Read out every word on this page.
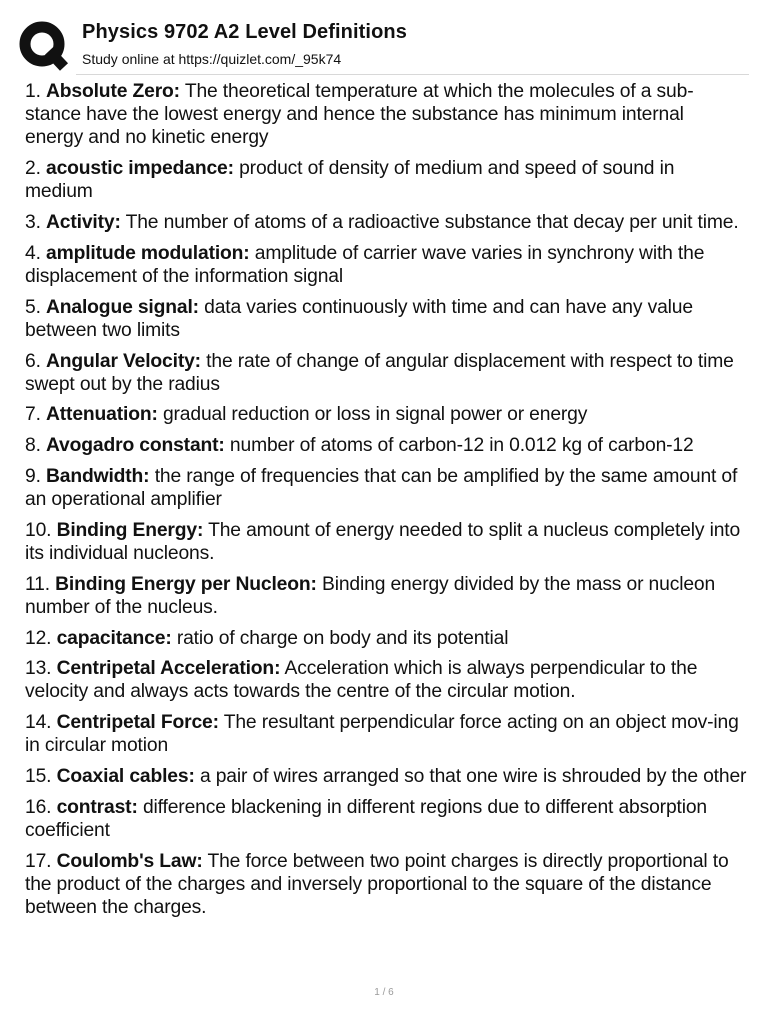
Physics 9702 A2 Level Definitions
Study online at https://quizlet.com/_95k74
1. Absolute Zero: The theoretical temperature at which the molecules of a sub-stance have the lowest energy and hence the substance has minimum internal energy and no kinetic energy
2. acoustic impedance: product of density of medium and speed of sound in medium
3. Activity: The number of atoms of a radioactive substance that decay per unit time.
4. amplitude modulation: amplitude of carrier wave varies in synchrony with the displacement of the information signal
5. Analogue signal: data varies continuously with time and can have any value between two limits
6. Angular Velocity: the rate of change of angular displacement with respect to time swept out by the radius
7. Attenuation: gradual reduction or loss in signal power or energy
8. Avogadro constant: number of atoms of carbon-12 in 0.012 kg of carbon-12
9. Bandwidth: the range of frequencies that can be amplified by the same amount of an operational amplifier
10. Binding Energy: The amount of energy needed to split a nucleus completely into its individual nucleons.
11. Binding Energy per Nucleon: Binding energy divided by the mass or nucleon number of the nucleus.
12. capacitance: ratio of charge on body and its potential
13. Centripetal Acceleration: Acceleration which is always perpendicular to the velocity and always acts towards the centre of the circular motion.
14. Centripetal Force: The resultant perpendicular force acting on an object mov-ing in circular motion
15. Coaxial cables: a pair of wires arranged so that one wire is shrouded by the other
16. contrast: difference blackening in different regions due to different absorption coefficient
17. Coulomb's Law: The force between two point charges is directly proportional to the product of the charges and inversely proportional to the square of the distance between the charges.
1 / 6
